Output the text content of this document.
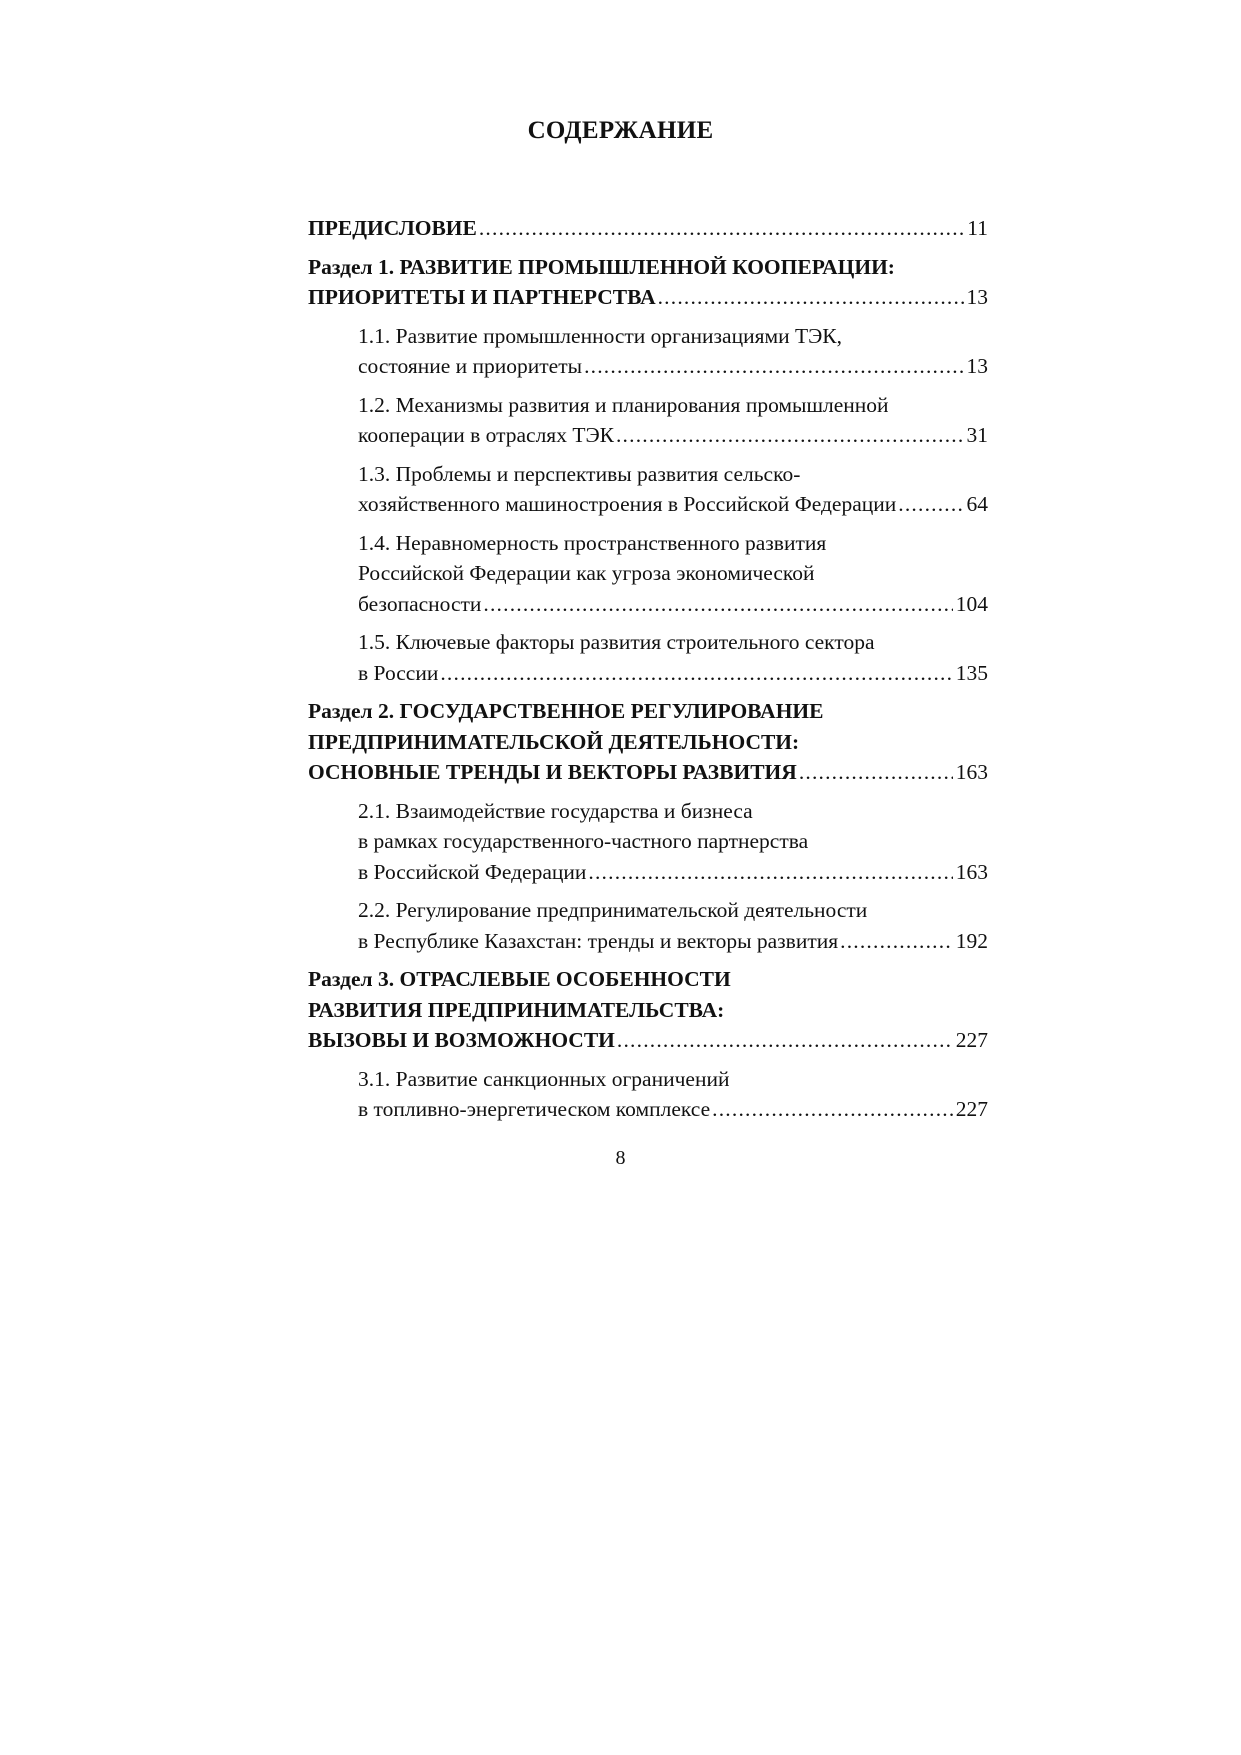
СОДЕРЖАНИЕ
ПРЕДИСЛОВИЕ .....	11
Раздел 1. РАЗВИТИЕ ПРОМЫШЛЕННОЙ КООПЕРАЦИИ:
ПРИОРИТЕТЫ И ПАРТНЕРСТВА .....	13
1.1. Развитие промышленности организациями ТЭК,
состояние и приоритеты .....	13
1.2. Механизмы развития и планирования промышленной
кооперации в отраслях ТЭК .....	31
1.3. Проблемы и перспективы развития сельско-
хозяйственного машиностроения в Российской Федерации .....	64
1.4. Неравномерность пространственного развития
Российской Федерации как угроза экономической
безопасности .....	104
1.5. Ключевые факторы развития строительного сектора
в России .....	135
Раздел 2. ГОСУДАРСТВЕННОЕ РЕГУЛИРОВАНИЕ
ПРЕДПРИНИМАТЕЛЬСКОЙ ДЕЯТЕЛЬНОСТИ:
ОСНОВНЫЕ ТРЕНДЫ И ВЕКТОРЫ РАЗВИТИЯ .....	163
2.1. Взаимодействие государства и бизнеса
в рамках государственного-частного партнерства
в Российской Федерации .....	163
2.2. Регулирование предпринимательской деятельности
в Республике Казахстан: тренды и векторы развития .....	192
Раздел 3. ОТРАСЛЕВЫЕ ОСОБЕННОСТИ
РАЗВИТИЯ ПРЕДПРИНИМАТЕЛЬСТВА:
ВЫЗОВЫ И ВОЗМОЖНОСТИ .....	227
3.1. Развитие санкционных ограничений
в топливно-энергетическом комплексе .....	227
8
